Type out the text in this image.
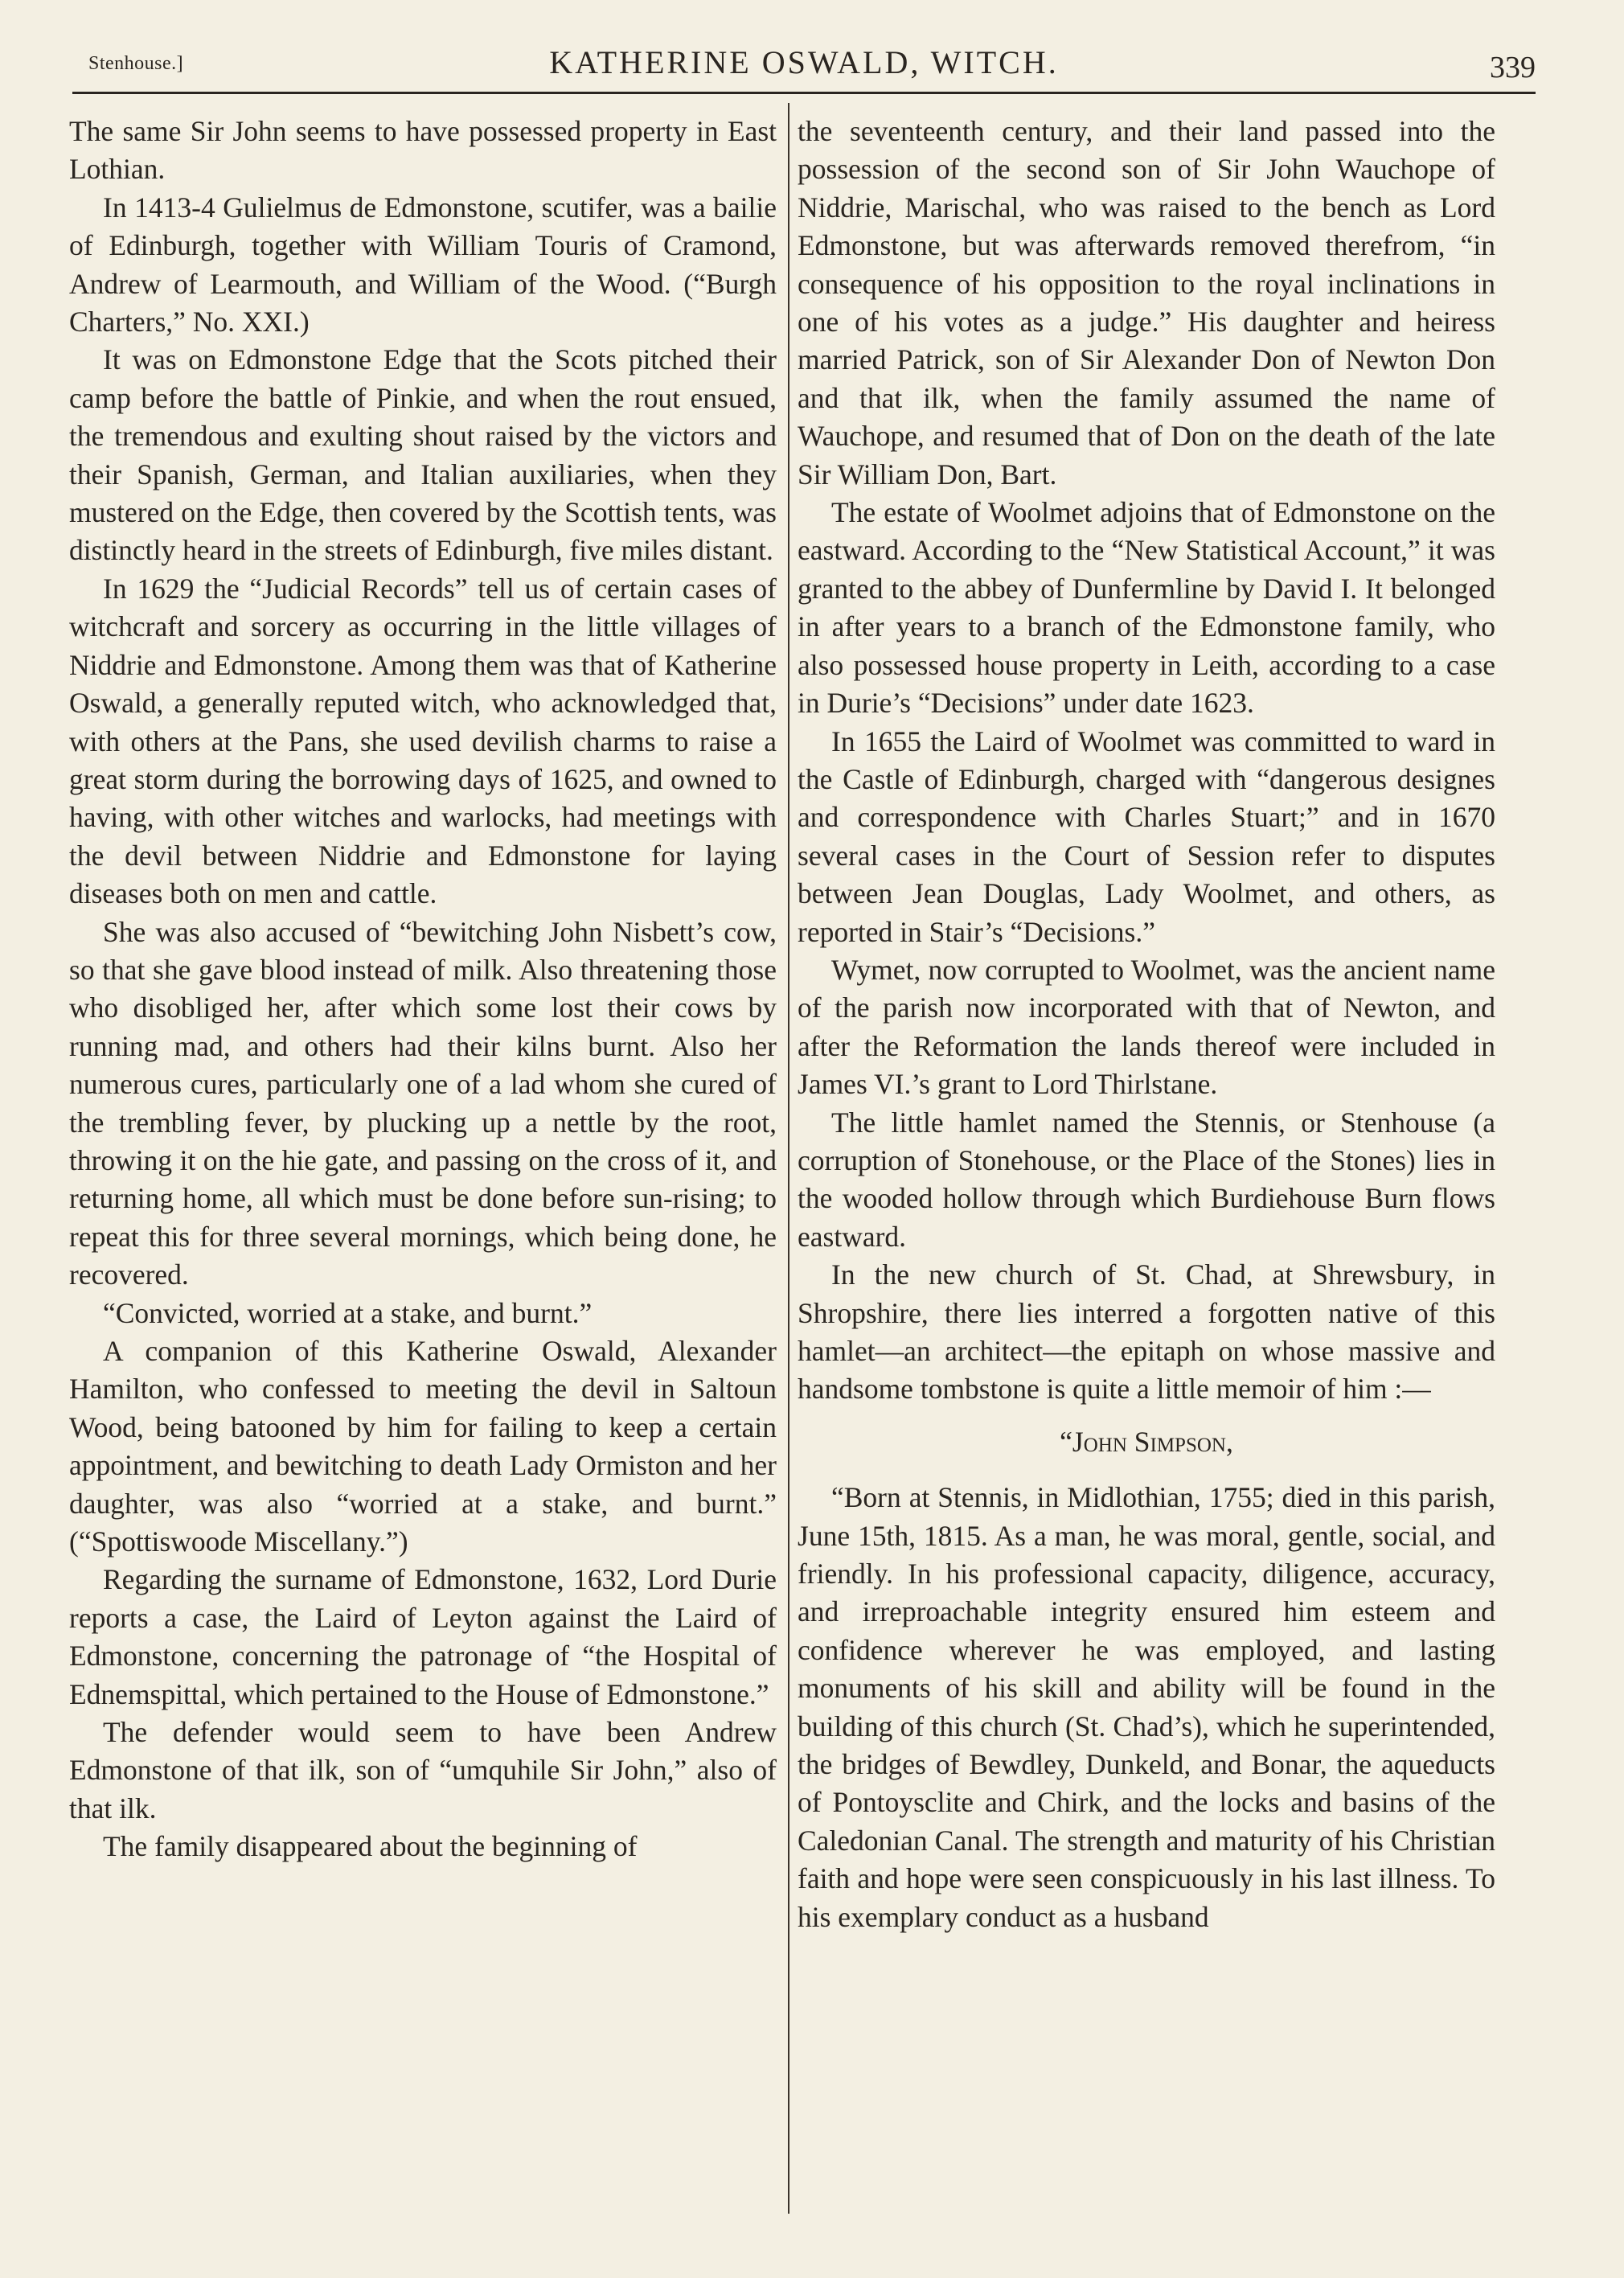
Stenhouse.]	KATHERINE OSWALD, WITCH.	339

The same Sir John seems to have possessed property in East Lothian.

In 1413-4 Gulielmus de Edmonstone, scutifer, was a bailie of Edinburgh, together with William Touris of Cramond, Andrew of Learmouth, and William of the Wood. (“Burgh Charters,” No. XXI.)

It was on Edmonstone Edge that the Scots pitched their camp before the battle of Pinkie, and when the rout ensued, the tremendous and exulting shout raised by the victors and their Spanish, German, and Italian auxiliaries, when they mustered on the Edge, then covered by the Scottish tents, was distinctly heard in the streets of Edinburgh, five miles distant.

In 1629 the “Judicial Records” tell us of certain cases of witchcraft and sorcery as occurring in the little villages of Niddrie and Edmonstone. Among them was that of Katherine Oswald, a generally reputed witch, who acknowledged that, with others at the Pans, she used devilish charms to raise a great storm during the borrowing days of 1625, and owned to having, with other witches and warlocks, had meetings with the devil between Niddrie and Edmonstone for laying diseases both on men and cattle.

She was also accused of “bewitching John Nisbett’s cow, so that she gave blood instead of milk. Also threatening those who disobliged her, after which some lost their cows by running mad, and others had their kilns burnt. Also her numerous cures, particularly one of a lad whom she cured of the trembling fever, by plucking up a nettle by the root, throwing it on the hie gate, and passing on the cross of it, and returning home, all which must be done before sun-rising; to repeat this for three several mornings, which being done, he recovered.

“Convicted, worried at a stake, and burnt.”

A companion of this Katherine Oswald, Alexander Hamilton, who confessed to meeting the devil in Saltoun Wood, being batooned by him for failing to keep a certain appointment, and bewitching to death Lady Ormiston and her daughter, was also “worried at a stake, and burnt.” (“Spottiswoode Miscellany.”)

Regarding the surname of Edmonstone, 1632, Lord Durie reports a case, the Laird of Leyton against the Laird of Edmonstone, concerning the patronage of “the Hospital of Ednemspittal, which pertained to the House of Edmonstone.”

The defender would seem to have been Andrew Edmonstone of that ilk, son of “umquhile Sir John,” also of that ilk.

The family disappeared about the beginning of

the seventeenth century, and their land passed into the possession of the second son of Sir John Wauchope of Niddrie, Marischal, who was raised to the bench as Lord Edmonstone, but was afterwards removed therefrom, “in consequence of his opposition to the royal inclinations in one of his votes as a judge.” His daughter and heiress married Patrick, son of Sir Alexander Don of Newton Don and that ilk, when the family assumed the name of Wauchope, and resumed that of Don on the death of the late Sir William Don, Bart.

The estate of Woolmet adjoins that of Edmonstone on the eastward. According to the “New Statistical Account,” it was granted to the abbey of Dunfermline by David I. It belonged in after years to a branch of the Edmonstone family, who also possessed house property in Leith, according to a case in Durie’s “Decisions” under date 1623.

In 1655 the Laird of Woolmet was committed to ward in the Castle of Edinburgh, charged with “dangerous designes and correspondence with Charles Stuart;” and in 1670 several cases in the Court of Session refer to disputes between Jean Douglas, Lady Woolmet, and others, as reported in Stair’s “Decisions.”

Wymet, now corrupted to Woolmet, was the ancient name of the parish now incorporated with that of Newton, and after the Reformation the lands thereof were included in James VI.’s grant to Lord Thirlstane.

The little hamlet named the Stennis, or Stenhouse (a corruption of Stonehouse, or the Place of the Stones) lies in the wooded hollow through which Burdiehouse Burn flows eastward.

In the new church of St. Chad, at Shrewsbury, in Shropshire, there lies interred a forgotten native of this hamlet—an architect—the epitaph on whose massive and handsome tombstone is quite a little memoir of him :—

“John Simpson,

“Born at Stennis, in Midlothian, 1755; died in this parish, June 15th, 1815. As a man, he was moral, gentle, social, and friendly. In his professional capacity, diligence, accuracy, and irreproachable integrity ensured him esteem and confidence wherever he was employed, and lasting monuments of his skill and ability will be found in the building of this church (St. Chad’s), which he superintended, the bridges of Bewdley, Dunkeld, and Bonar, the aqueducts of Pontoysclite and Chirk, and the locks and basins of the Caledonian Canal. The strength and maturity of his Christian faith and hope were seen conspicuously in his last illness. To his exemplary conduct as a husband
